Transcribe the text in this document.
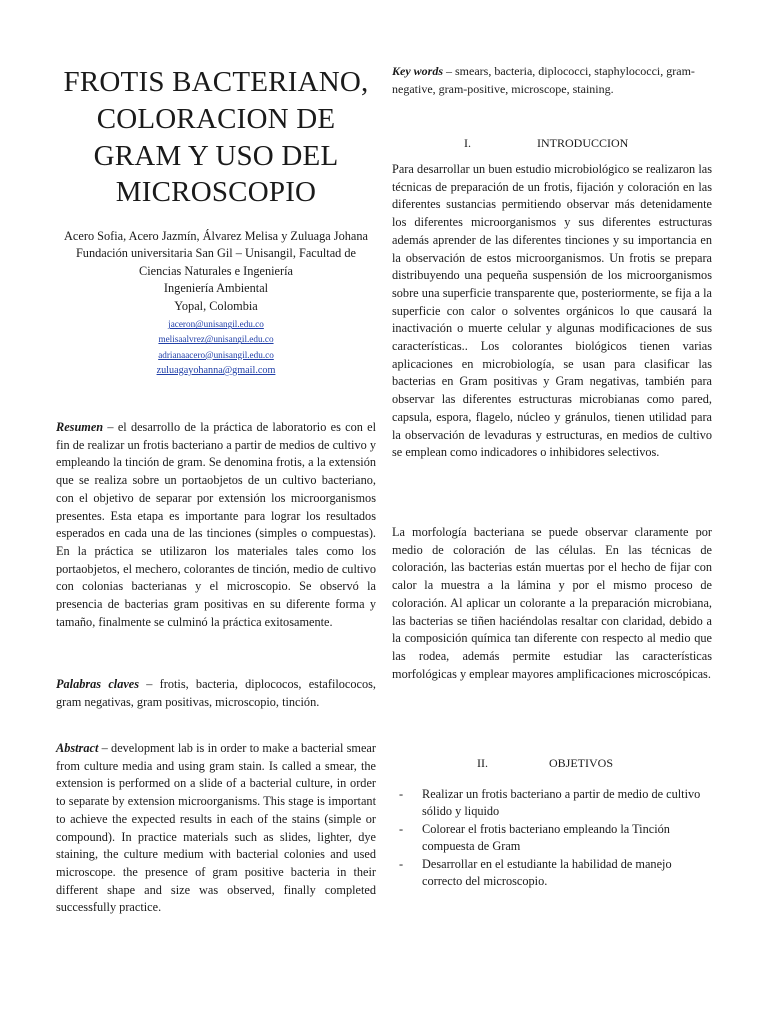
FROTIS BACTERIANO, COLORACION DE GRAM Y USO DEL MICROSCOPIO
Acero Sofia, Acero Jazmín, Álvarez Melisa y Zuluaga Johana
Fundación universitaria San Gil – Unisangil, Facultad de Ciencias Naturales e Ingeniería
Ingeniería Ambiental
Yopal, Colombia
jaceron@unisangil.edu.co
melisaalvrez@unisangil.edu.co
adrianaacero@unisangil.edu.co
zuluagayohanna@gmail.com

Resumen – el desarrollo de la práctica de laboratorio es con el fin de realizar un frotis bacteriano a partir de medios de cultivo y empleando la tinción de gram. Se denomina frotis, a la extensión que se realiza sobre un portaobjetos de un cultivo bacteriano, con el objetivo de separar por extensión los microorganismos presentes. Esta etapa es importante para lograr los resultados esperados en cada una de las tinciones (simples o compuestas). En la práctica se utilizaron los materiales tales como los portaobjetos, el mechero, colorantes de tinción, medio de cultivo con colonias bacterianas y el microscopio. Se observó la presencia de bacterias gram positivas en su diferente forma y tamaño, finalmente se culminó la práctica exitosamente.

Palabras claves – frotis, bacteria, diplococos, estafilococos, gram negativas, gram positivas, microscopio, tinción.

Abstract – development lab is in order to make a bacterial smear from culture media and using gram stain. Is called a smear, the extension is performed on a slide of a bacterial culture, in order to separate by extension microorganisms. This stage is important to achieve the expected results in each of the stains (simple or compound). In practice materials such as slides, lighter, dye staining, the culture medium with bacterial colonies and used microscope. the presence of gram positive bacteria in their different shape and size was observed, finally completed successfully practice.

Key words – smears, bacteria, diplococci, staphylococci, gram-negative, gram-positive, microscope, staining.
I.	INTRODUCCION

Para desarrollar un buen estudio microbiológico se realizaron las técnicas de preparación de un frotis, fijación y coloración en las diferentes sustancias permitiendo observar más detenidamente los diferentes microorganismos y sus diferentes estructuras además aprender de las diferentes tinciones y su importancia en la observación de estos microorganismos. Un frotis se prepara distribuyendo una pequeña suspensión de los microorganismos sobre una superficie transparente que, posteriormente, se fija a la superficie con calor o solventes orgánicos lo que causará la inactivación o muerte celular y algunas modificaciones de sus características.. Los colorantes biológicos tienen varias aplicaciones en microbiología, se usan para clasificar las bacterias en Gram positivas y Gram negativas, también para observar las diferentes estructuras microbianas como pared, capsula, espora, flagelo, núcleo y gránulos, tienen utilidad para la observación de levaduras y estructuras, en medios de cultivo se emplean como indicadores o inhibidores selectivos.

La morfología bacteriana se puede observar claramente por medio de coloración de las células. En las técnicas de coloración, las bacterias están muertas por el hecho de fijar con calor la muestra a la lámina y por el mismo proceso de coloración. Al aplicar un colorante a la preparación microbiana, las bacterias se tiñen haciéndolas resaltar con claridad, debido a la composición química tan diferente con respecto al medio que las rodea, además permite estudiar las características morfológicas y emplear mayores amplificaciones microscópicas.

II.	OBJETIVOS
- Realizar un frotis bacteriano a partir de medio de cultivo sólido y liquido
- Colorear el frotis bacteriano empleando la Tinción compuesta de Gram
- Desarrollar en el estudiante la habilidad de manejo correcto del microscopio.
